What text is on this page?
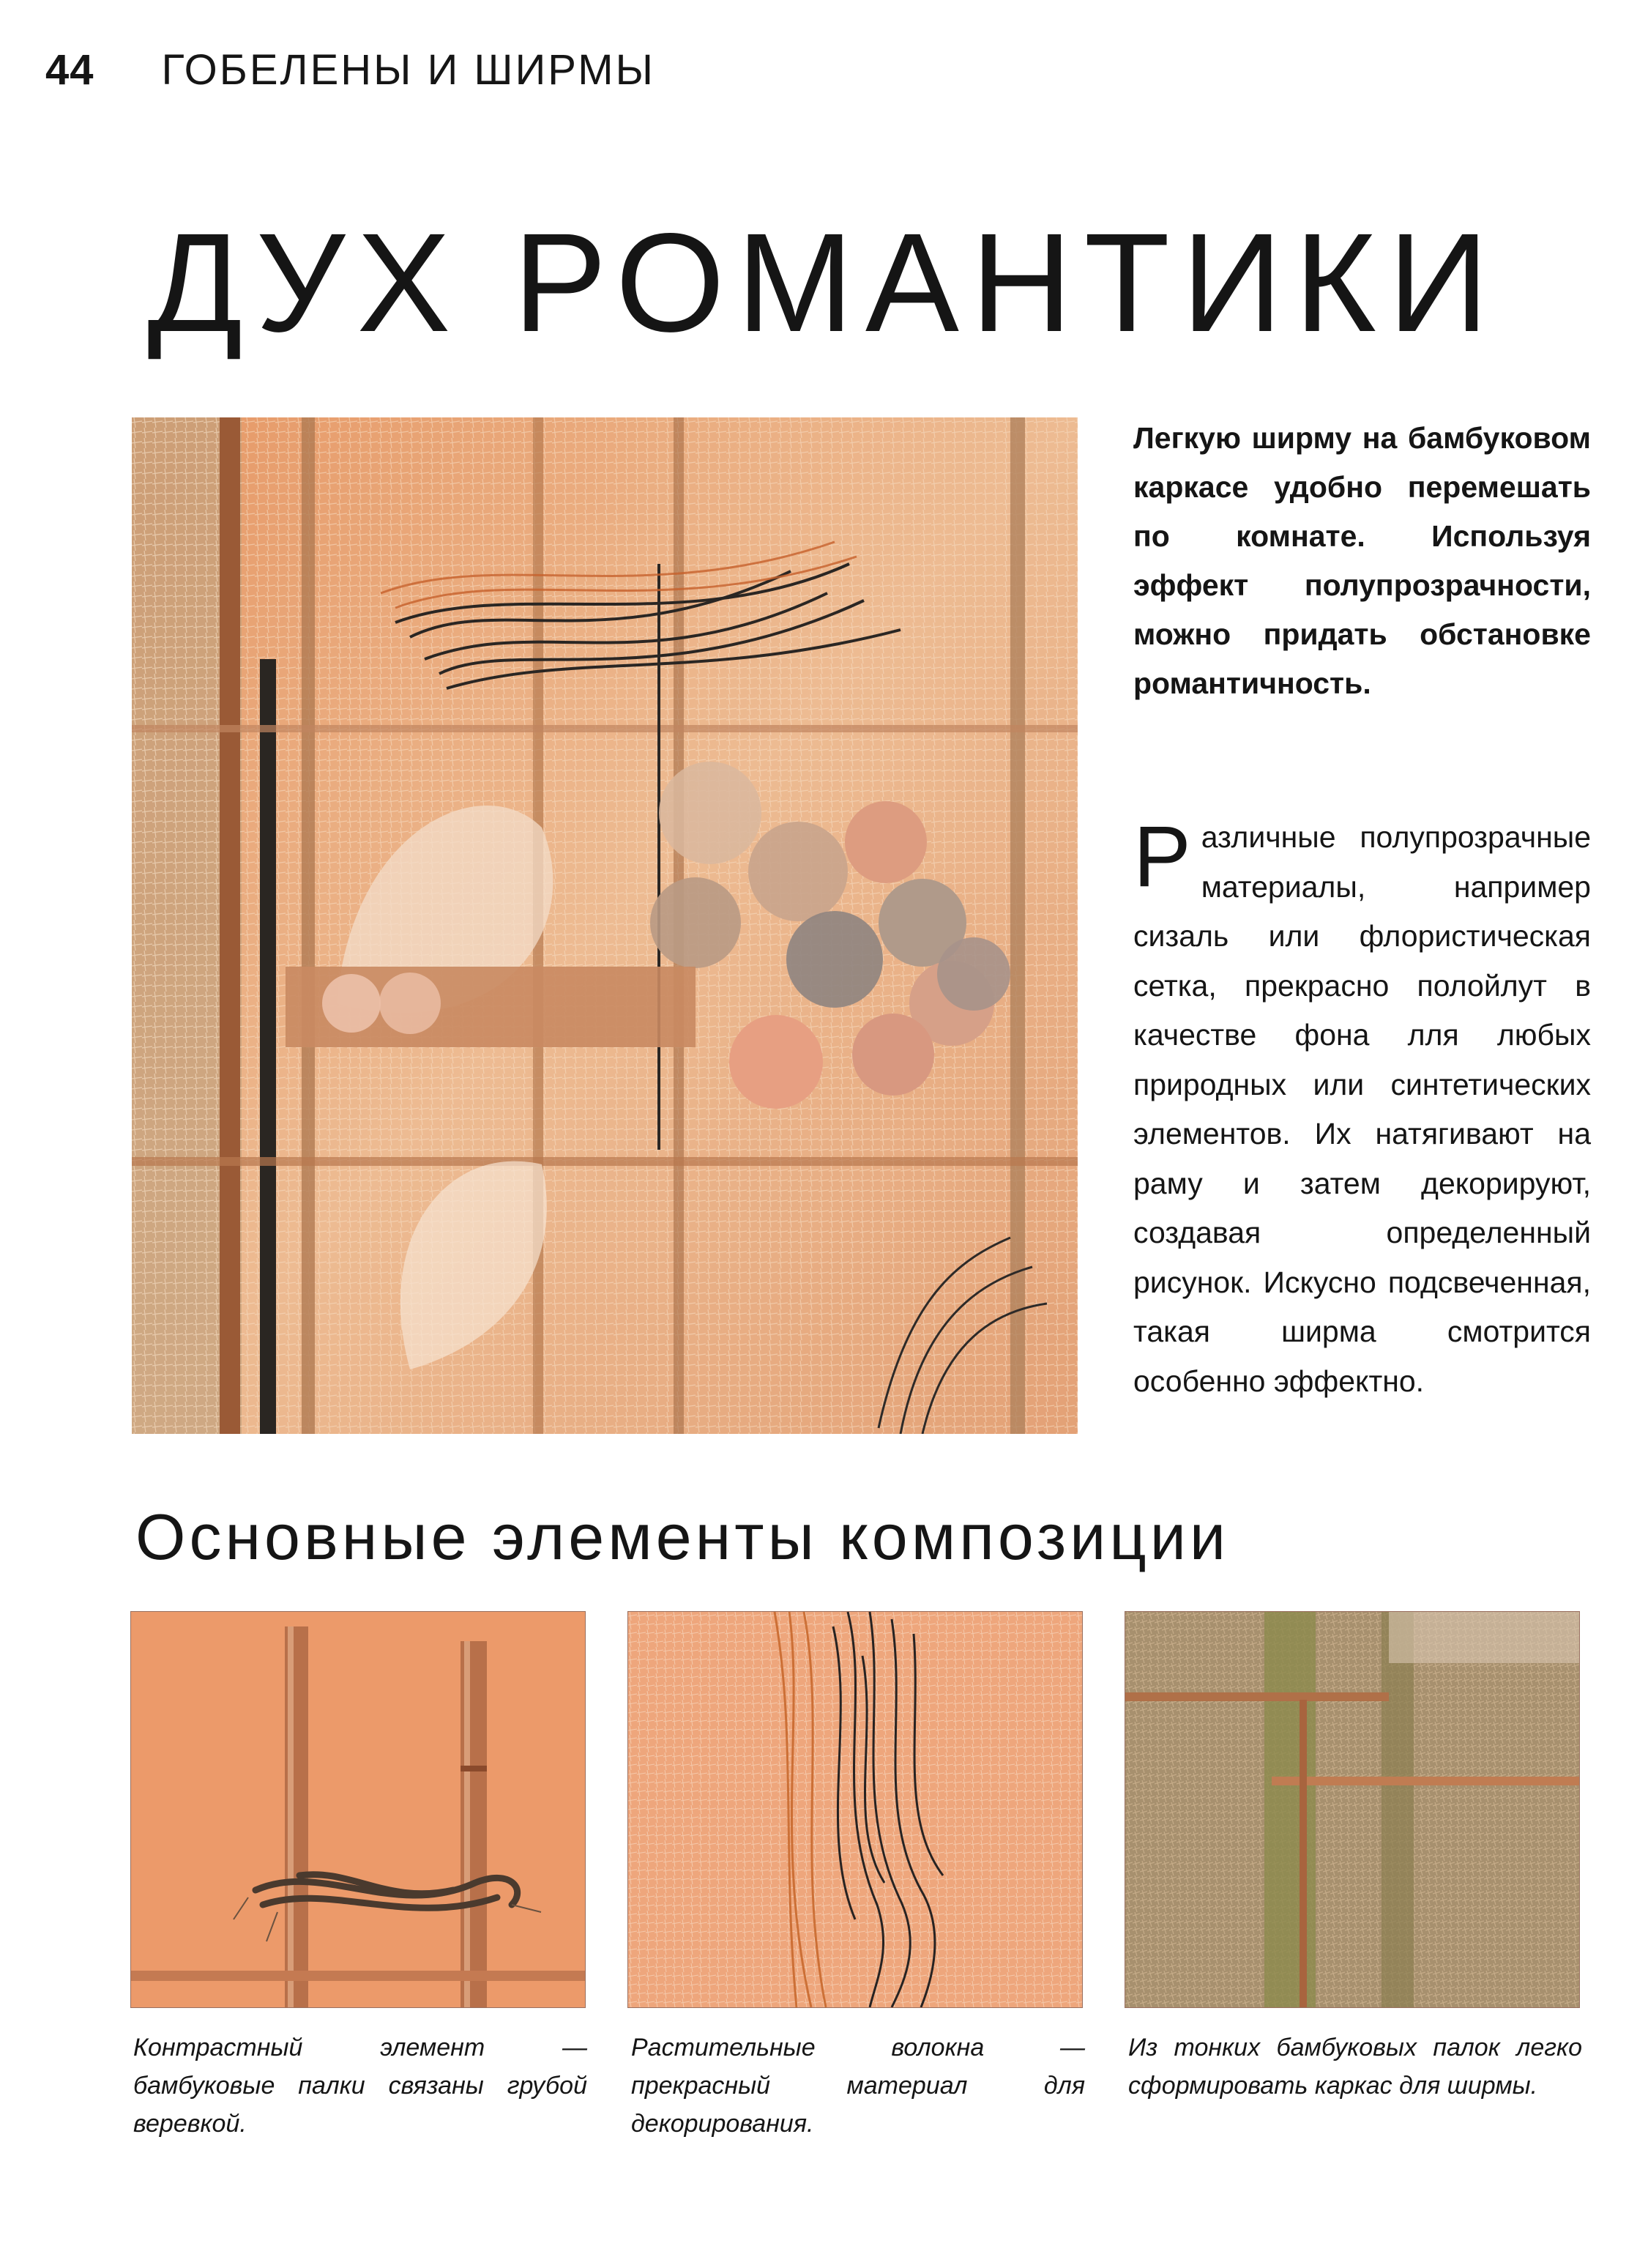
44 ГОБЕЛЕНЫ И ШИРМЫ
ДУХ РОМАНТИКИ
Легкую ширму на бамбуковом каркасе удобно перемешать по комнате. Используя эффект полупрозрачности, можно придать обстановке романтичность.
Различные полупрозрачные материалы, например сизаль или флористическая сетка, прекрасно полойлут в качестве фона лля любых природных или синтетических элементов. Их натягивают на раму и затем декорируют, создавая определенный рисунок. Искусно подсвеченная, такая ширма смотрится особенно эффектно.
Основные элементы композиции
Контрастный элемент — бамбуковые палки связаны грубой веревкой.
Растительные волокна — прекрасный материал для декорирования.
Из тонких бамбуковых палок легко сформировать каркас для ширмы.
